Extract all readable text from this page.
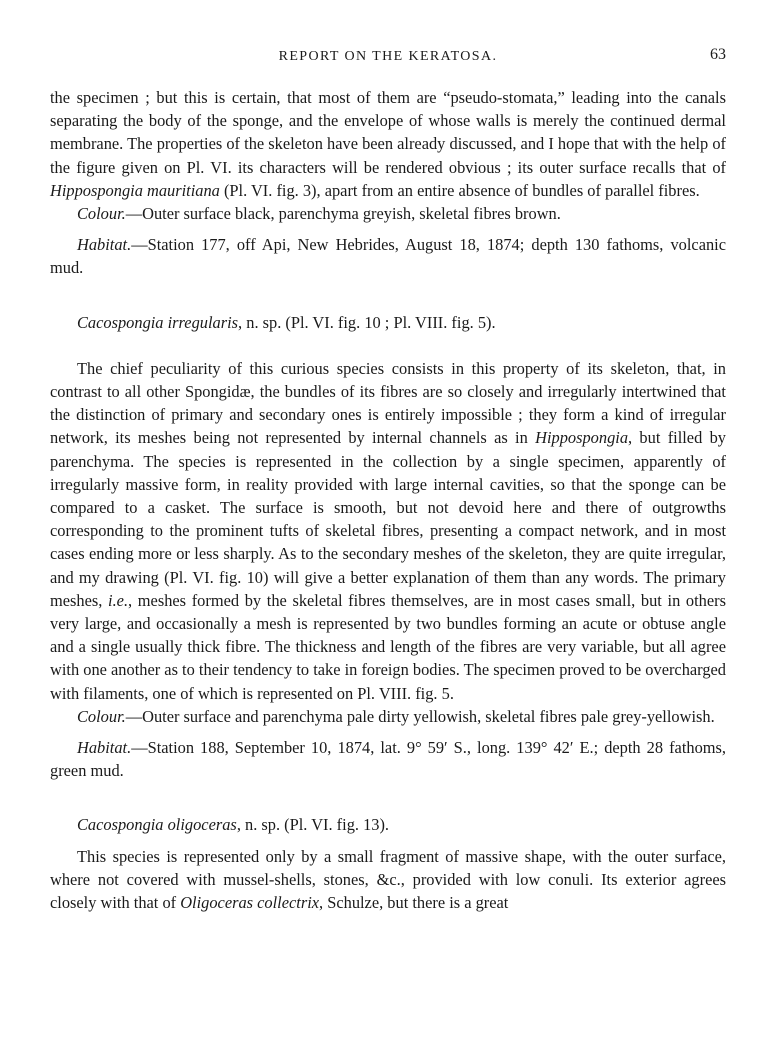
REPORT ON THE KERATOSA.	63

the specimen ; but this is certain, that most of them are “pseudo-stomata,” leading into the canals separating the body of the sponge, and the envelope of whose walls is merely the continued dermal membrane. The properties of the skeleton have been already discussed, and I hope that with the help of the figure given on Pl. VI. its characters will be rendered obvious ; its outer surface recalls that of Hippospongia mauritiana (Pl. VI. fig. 3), apart from an entire absence of bundles of parallel fibres.

Colour.—Outer surface black, parenchyma greyish, skeletal fibres brown.

Habitat.—Station 177, off Api, New Hebrides, August 18, 1874; depth 130 fathoms, volcanic mud.

Cacospongia irregularis, n. sp. (Pl. VI. fig. 10 ; Pl. VIII. fig. 5).

The chief peculiarity of this curious species consists in this property of its skeleton, that, in contrast to all other Spongidæ, the bundles of its fibres are so closely and irregularly intertwined that the distinction of primary and secondary ones is entirely impossible ; they form a kind of irregular network, its meshes being not represented by internal channels as in Hippospongia, but filled by parenchyma. The species is represented in the collection by a single specimen, apparently of irregularly massive form, in reality provided with large internal cavities, so that the sponge can be compared to a casket. The surface is smooth, but not devoid here and there of outgrowths corresponding to the prominent tufts of skeletal fibres, presenting a compact network, and in most cases ending more or less sharply. As to the secondary meshes of the skeleton, they are quite irregular, and my drawing (Pl. VI. fig. 10) will give a better explanation of them than any words. The primary meshes, i.e., meshes formed by the skeletal fibres themselves, are in most cases small, but in others very large, and occasionally a mesh is represented by two bundles forming an acute or obtuse angle and a single usually thick fibre. The thickness and length of the fibres are very variable, but all agree with one another as to their tendency to take in foreign bodies. The specimen proved to be overcharged with filaments, one of which is represented on Pl. VIII. fig. 5.

Colour.—Outer surface and parenchyma pale dirty yellowish, skeletal fibres pale grey-yellowish.

Habitat.—Station 188, September 10, 1874, lat. 9° 59′ S., long. 139° 42′ E.; depth 28 fathoms, green mud.

Cacospongia oligoceras, n. sp. (Pl. VI. fig. 13).

This species is represented only by a small fragment of massive shape, with the outer surface, where not covered with mussel-shells, stones, &c., provided with low conuli. Its exterior agrees closely with that of Oligoceras collectrix, Schulze, but there is a great
